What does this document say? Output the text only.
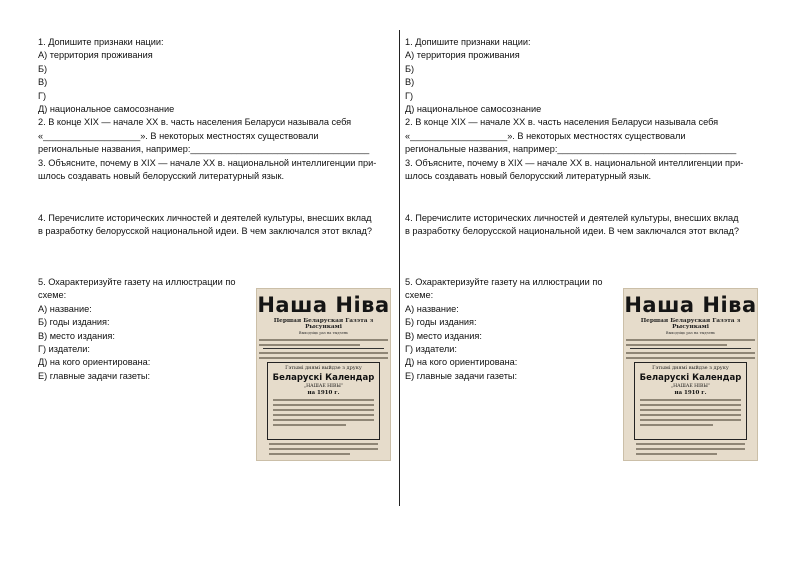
1. Допишите признаки нации:
А) территория проживания
Б)
В)
Г)
Д) национальное самосознание
2. В конце XIX — начале XX в. часть населения Беларуси называла себя
«___________________». В некоторых местностях существовали
региональные названия, например:___________________________________
3. Объясните, почему в XIX — начале XX в. национальной интеллигенции при-
шлось создавать новый белорусский литературный язык.
4. Перечислите исторических личностей и деятелей культуры, внесших вклад
в разработку белорусской национальной идеи. В чем заключался этот вклад?
5. Охарактеризуйте газету на иллюстрации по
схеме:
А) название:
Б) годы издания:
В) место издания:
Г) издатели:
Д) на кого ориентирована:
Е) главные задачи газеты:
Наша Ніва
Першая Беларуская Газэта з Рысункамі
Выходзіць раз на тыдзень
Гэтымі днямі выйдзе з друку
Беларускі Календар
„НАШАЕ НІВЫ“
на 1910 г.
1. Допишите признаки нации:
А) территория проживания
Б)
В)
Г)
Д) национальное самосознание
2. В конце XIX — начале XX в. часть населения Беларуси называла себя
«___________________». В некоторых местностях существовали
региональные названия, например:___________________________________
3. Объясните, почему в XIX — начале XX в. национальной интеллигенции при-
шлось создавать новый белорусский литературный язык.
4. Перечислите исторических личностей и деятелей культуры, внесших вклад
в разработку белорусской национальной идеи. В чем заключался этот вклад?
5. Охарактеризуйте газету на иллюстрации по
схеме:
А) название:
Б) годы издания:
В) место издания:
Г) издатели:
Д) на кого ориентирована:
Е) главные задачи газеты:
Наша Ніва
Першая Беларуская Газэта з Рысункамі
Выходзіць раз на тыдзень
Гэтымі днямі выйдзе з друку
Беларускі Календар
„НАШАЕ НІВЫ“
на 1910 г.
